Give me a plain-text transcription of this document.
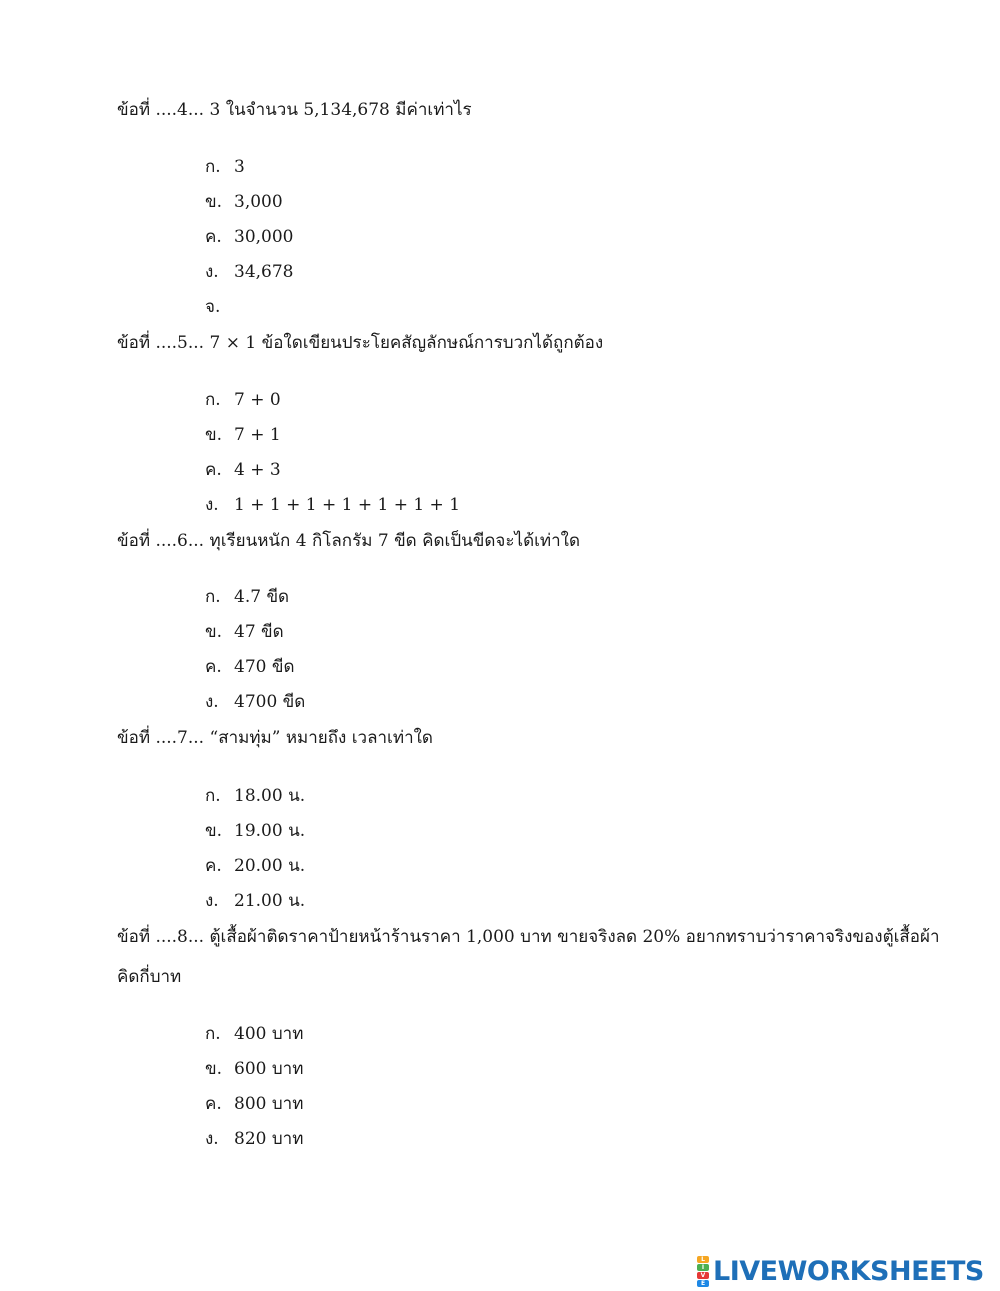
ข้อที่ ....4... 3 ในจำนวน 5,134,678 มีค่าเท่าไร
ก. 3
ข. 3,000
ค. 30,000
ง. 34,678
จ.
ข้อที่ ....5... 7 × 1 ข้อใดเขียนประโยคสัญลักษณ์การบวกได้ถูกต้อง
ก. 7 + 0
ข. 7 + 1
ค. 4 + 3
ง. 1 + 1 + 1 + 1 + 1 + 1 + 1
ข้อที่ ....6... ทุเรียนหนัก 4 กิโลกรัม 7 ขีด คิดเป็นขีดจะได้เท่าใด
ก. 4.7 ขีด
ข. 47 ขีด
ค. 470 ขีด
ง. 4700 ขีด
ข้อที่ ....7... “สามทุ่ม” หมายถึง เวลาเท่าใด
ก. 18.00 น.
ข. 19.00 น.
ค. 20.00 น.
ง. 21.00 น.
ข้อที่ ....8... ตู้เสื้อผ้าติดราคาป้ายหน้าร้านราคา 1,000 บาท ขายจริงลด 20% อยากทราบว่าราคาจริงของตู้เสื้อผ้า
คิดกี่บาท
ก. 400 บาท
ข. 600 บาท
ค. 800 บาท
ง. 820 บาท
L
I
V
E LIVEWORKSHEETS
